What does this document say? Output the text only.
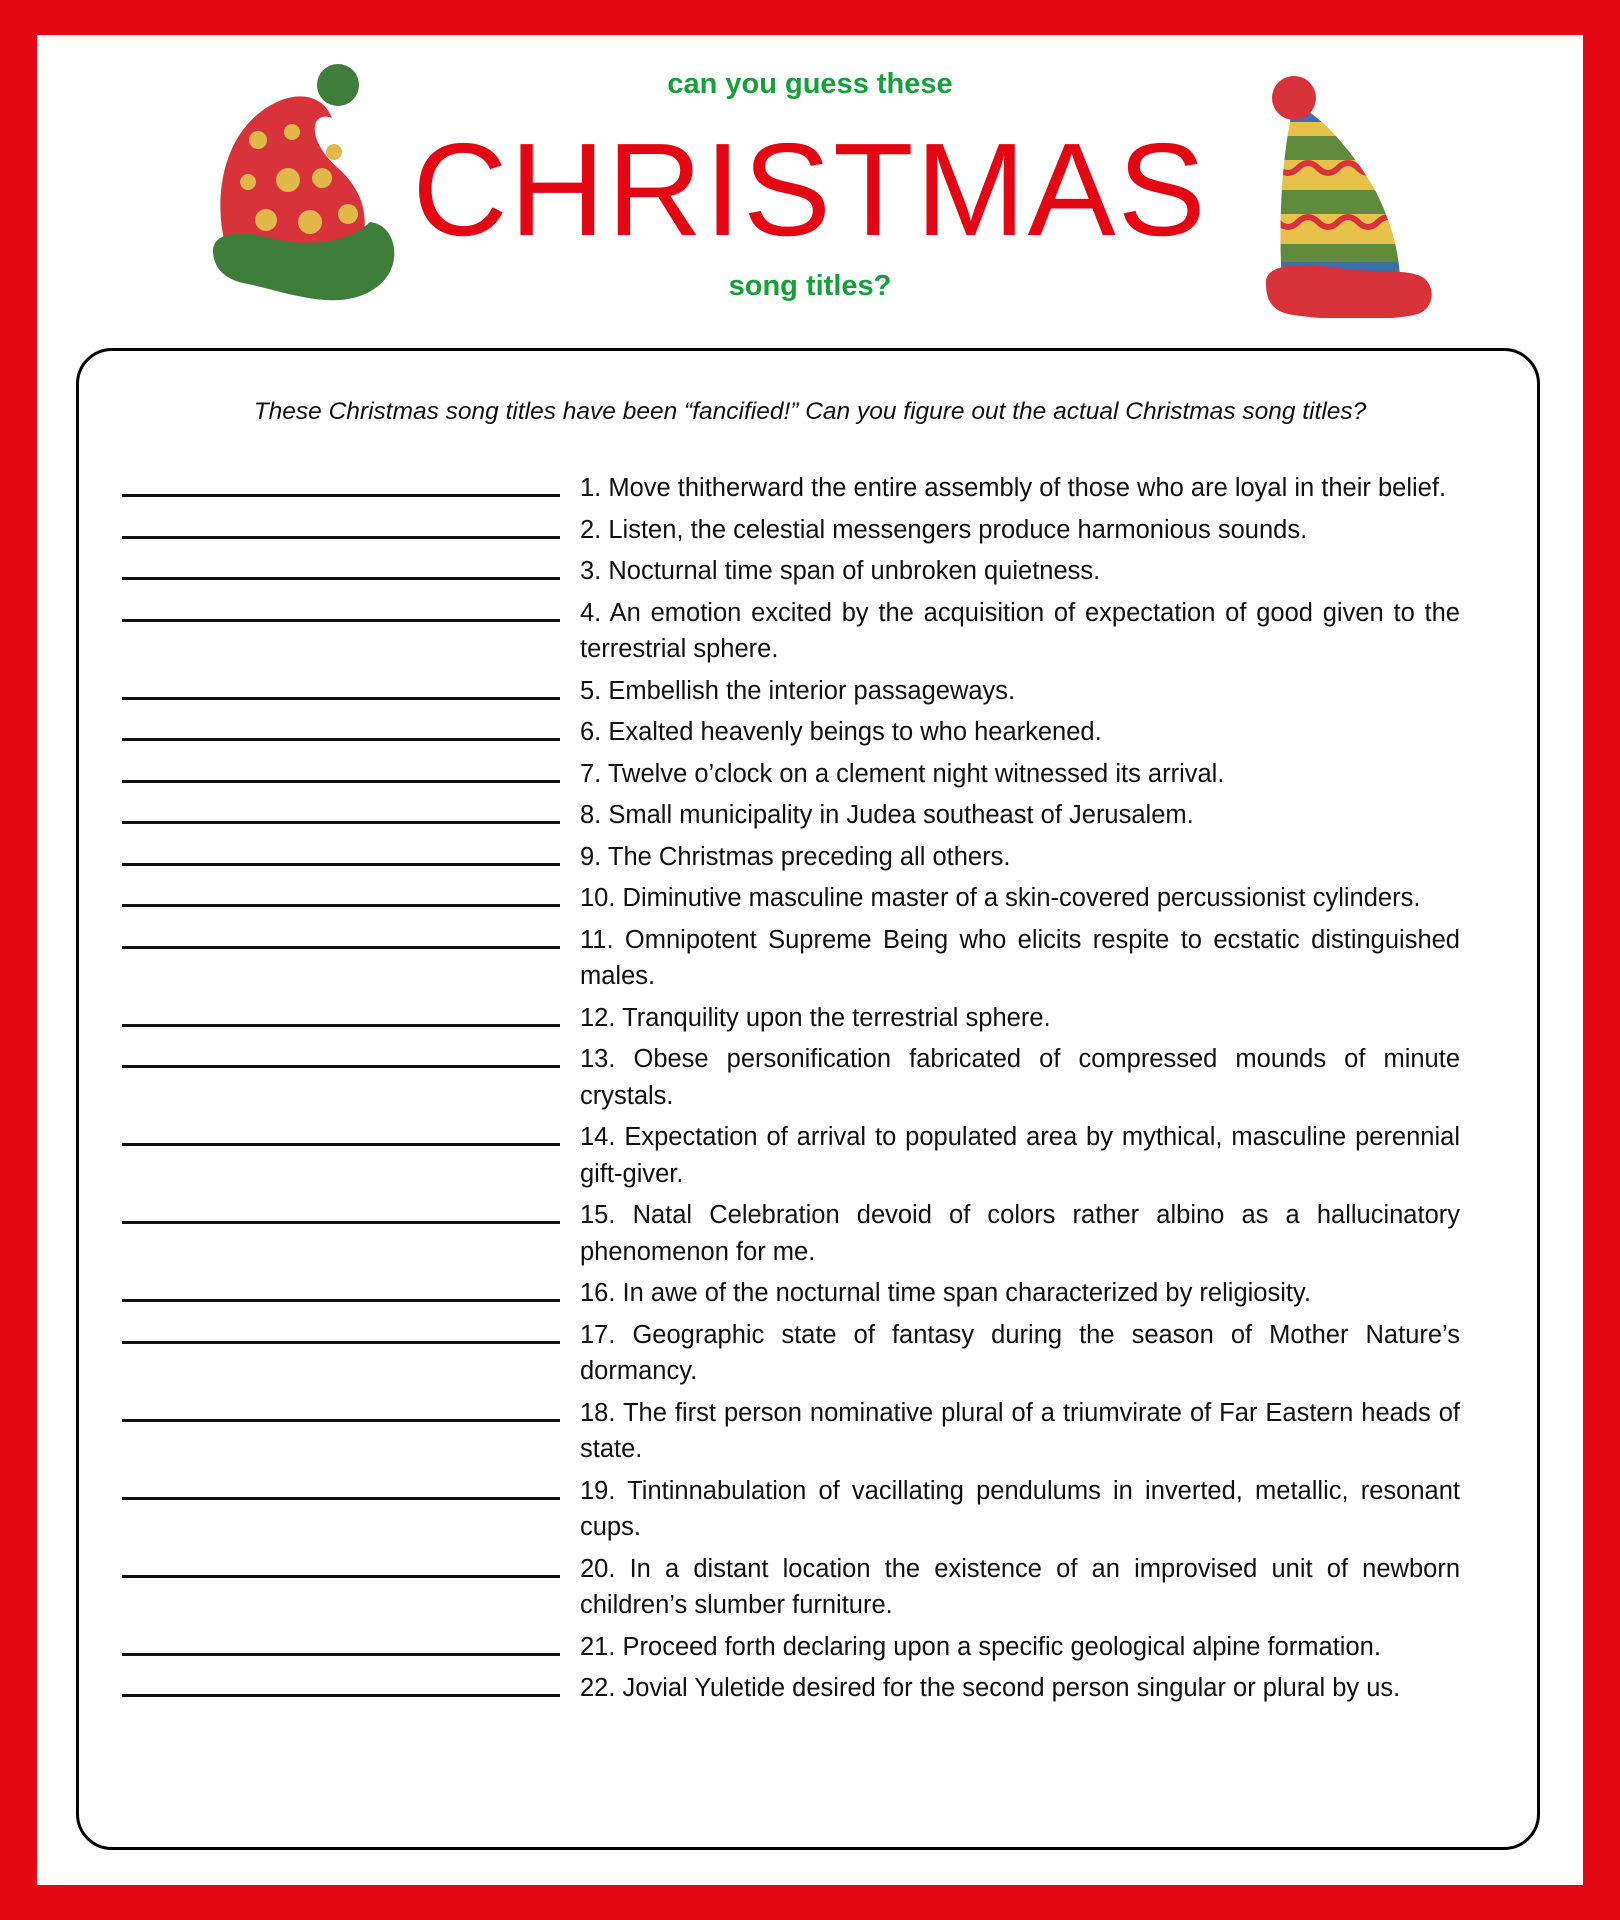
can you guess these
CHRISTMAS
song titles?
These Christmas song titles have been “fancified!” Can you figure out the actual Christmas song titles?
1. Move thitherward the entire assembly of those who are loyal in their belief.
2. Listen, the celestial messengers produce harmonious sounds.
3. Nocturnal time span of unbroken quietness.
4. An emotion excited by the acquisition of expectation of good given to the terrestrial sphere.
5. Embellish the interior passageways.
6. Exalted heavenly beings to who hearkened.
7. Twelve o’clock on a clement night witnessed its arrival.
8. Small municipality in Judea southeast of Jerusalem.
9. The Christmas preceding all others.
10. Diminutive masculine master of a skin-covered percussionist cylinders.
11. Omnipotent Supreme Being who elicits respite to ecstatic distinguished males.
12. Tranquility upon the terrestrial sphere.
13. Obese personification fabricated of compressed mounds of minute crystals.
14. Expectation of arrival to populated area by mythical, masculine perennial gift-giver.
15. Natal Celebration devoid of colors rather albino as a hallucinatory phenomenon for me.
16. In awe of the nocturnal time span characterized by religiosity.
17. Geographic state of fantasy during the season of Mother Nature’s dormancy.
18. The first person nominative plural of a triumvirate of Far Eastern heads of state.
19. Tintinnabulation of vacillating pendulums in inverted, metallic, resonant cups.
20. In a distant location the existence of an improvised unit of newborn children’s slumber furniture.
21. Proceed forth declaring upon a specific geological alpine formation.
22. Jovial Yuletide desired for the second person singular or plural by us.
